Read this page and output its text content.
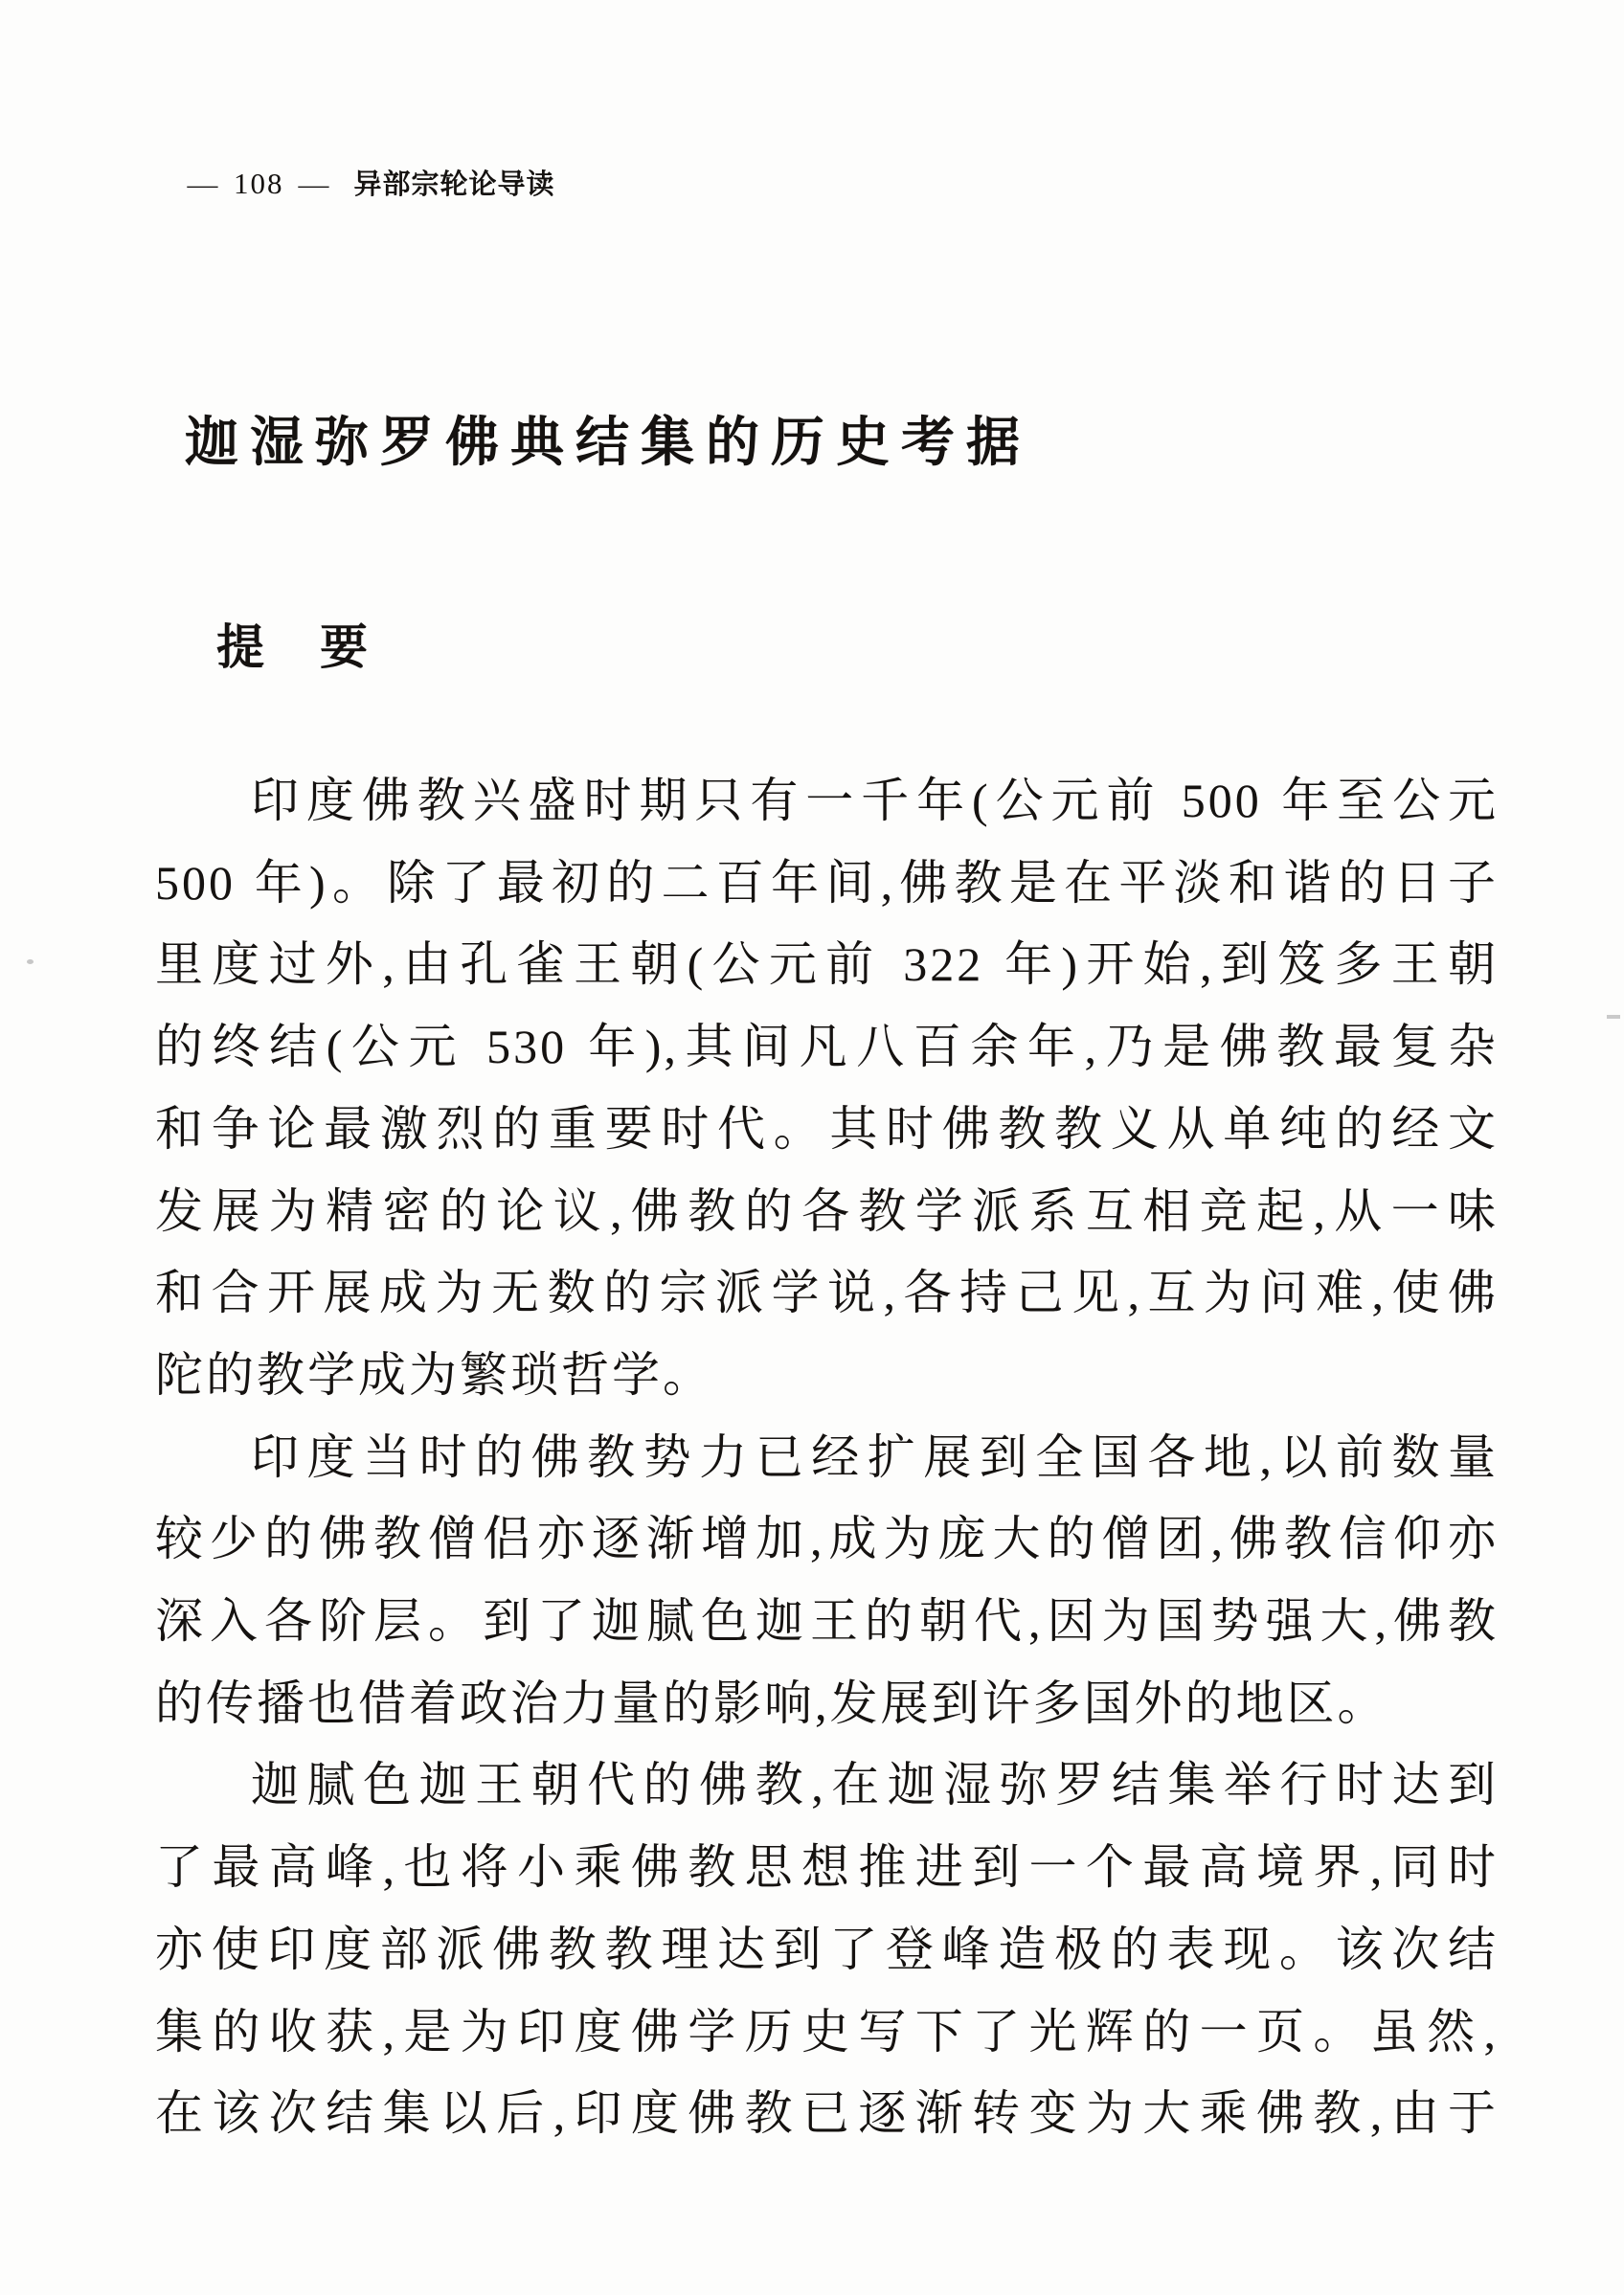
— 108 — 异部宗轮论导读
迦湿弥罗佛典结集的历史考据
提　要
印度佛教兴盛时期只有一千年(公元前 500 年至公元
500 年)。除了最初的二百年间,佛教是在平淡和谐的日子
里度过外,由孔雀王朝(公元前 322 年)开始,到笈多王朝
的终结(公元 530 年),其间凡八百余年,乃是佛教最复杂
和争论最激烈的重要时代。其时佛教教义从单纯的经文
发展为精密的论议,佛教的各教学派系互相竞起,从一味
和合开展成为无数的宗派学说,各持己见,互为问难,使佛
陀的教学成为繁琐哲学。
印度当时的佛教势力已经扩展到全国各地,以前数量
较少的佛教僧侣亦逐渐增加,成为庞大的僧团,佛教信仰亦
深入各阶层。到了迦腻色迦王的朝代,因为国势强大,佛教
的传播也借着政治力量的影响,发展到许多国外的地区。
迦腻色迦王朝代的佛教,在迦湿弥罗结集举行时达到
了最高峰,也将小乘佛教思想推进到一个最高境界,同时
亦使印度部派佛教教理达到了登峰造极的表现。该次结
集的收获,是为印度佛学历史写下了光辉的一页。虽然,
在该次结集以后,印度佛教已逐渐转变为大乘佛教,由于
